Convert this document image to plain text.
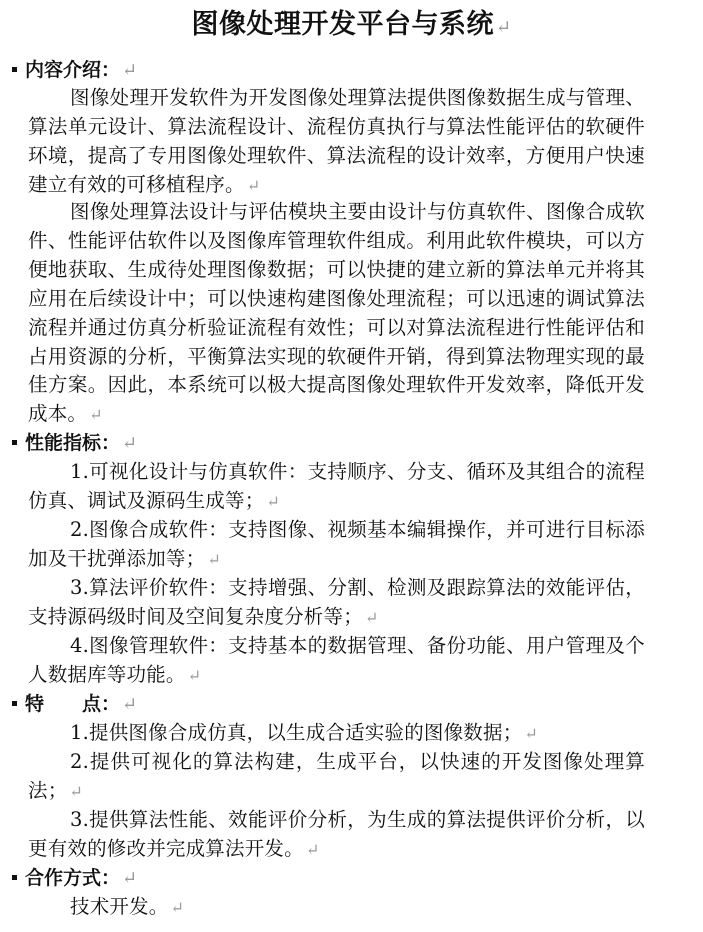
图像处理开发平台与系统 ↵
内容介绍： ↵

图像处理开发软件为开发图像处理算法提供图像数据生成与管理、算法单元设计、算法流程设计、流程仿真执行与算法性能评估的软硬件环境，提高了专用图像处理软件、算法流程的设计效率，方便用户快速建立有效的可移植程序。 ↵

图像处理算法设计与评估模块主要由设计与仿真软件、图像合成软件、性能评估软件以及图像库管理软件组成。利用此软件模块，可以方便地获取、生成待处理图像数据；可以快捷的建立新的算法单元并将其应用在后续设计中；可以快速构建图像处理流程；可以迅速的调试算法流程并通过仿真分析验证流程有效性；可以对算法流程进行性能评估和占用资源的分析，平衡算法实现的软硬件开销，得到算法物理实现的最佳方案。因此，本系统可以极大提高图像处理软件开发效率，降低开发成本。 ↵

性能指标： ↵

1.可视化设计与仿真软件：支持顺序、分支、循环及其组合的流程仿真、调试及源码生成等； ↵

2.图像合成软件：支持图像、视频基本编辑操作，并可进行目标添加及干扰弹添加等； ↵

3.算法评价软件：支持增强、分割、检测及跟踪算法的效能评估，支持源码级时间及空间复杂度分析等； ↵

4.图像管理软件：支持基本的数据管理、备份功能、用户管理及个人数据库等功能。 ↵

特　　点： ↵

1.提供图像合成仿真，以生成合适实验的图像数据； ↵

2.提供可视化的算法构建，生成平台，以快速的开发图像处理算法； ↵

3.提供算法性能、效能评价分析，为生成的算法提供评价分析，以更有效的修改并完成算法开发。 ↵

合作方式： ↵

技术开发。 ↵
